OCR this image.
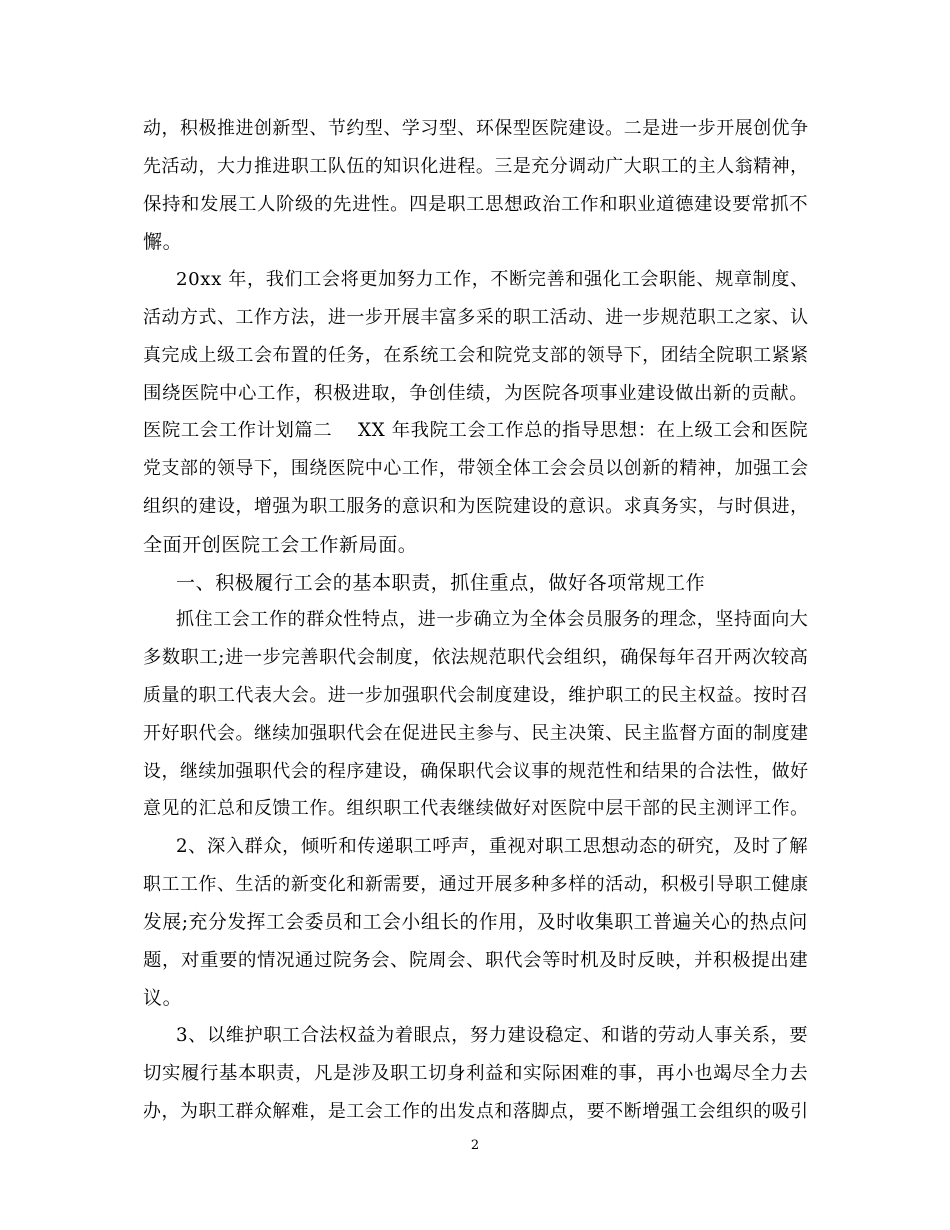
动，积极推进创新型、节约型、学习型、环保型医院建设。二是进一步开展创优争
先活动，大力推进职工队伍的知识化进程。三是充分调动广大职工的主人翁精神，
保持和发展工人阶级的先进性。四是职工思想政治工作和职业道德建设要常抓不
懈。
20xx 年，我们工会将更加努力工作，不断完善和强化工会职能、规章制度、
活动方式、工作方法，进一步开展丰富多采的职工活动、进一步规范职工之家、认
真完成上级工会布置的任务，在系统工会和院党支部的领导下，团结全院职工紧紧
围绕医院中心工作，积极进取，争创佳绩，为医院各项事业建设做出新的贡献。
医院工会工作计划篇二    XX 年我院工会工作总的指导思想：在上级工会和医院
党支部的领导下，围绕医院中心工作，带领全体工会会员以创新的精神，加强工会
组织的建设，增强为职工服务的意识和为医院建设的意识。求真务实，与时俱进，
全面开创医院工会工作新局面。
一、积极履行工会的基本职责，抓住重点，做好各项常规工作
抓住工会工作的群众性特点，进一步确立为全体会员服务的理念，坚持面向大
多数职工;进一步完善职代会制度，依法规范职代会组织，确保每年召开两次较高
质量的职工代表大会。进一步加强职代会制度建设，维护职工的民主权益。按时召
开好职代会。继续加强职代会在促进民主参与、民主决策、民主监督方面的制度建
设，继续加强职代会的程序建设，确保职代会议事的规范性和结果的合法性，做好
意见的汇总和反馈工作。组织职工代表继续做好对医院中层干部的民主测评工作。
2、深入群众，倾听和传递职工呼声，重视对职工思想动态的研究，及时了解
职工工作、生活的新变化和新需要，通过开展多种多样的活动，积极引导职工健康
发展;充分发挥工会委员和工会小组长的作用，及时收集职工普遍关心的热点问
题，对重要的情况通过院务会、院周会、职代会等时机及时反映，并积极提出建
议。
3、以维护职工合法权益为着眼点，努力建设稳定、和谐的劳动人事关系，要
切实履行基本职责，凡是涉及职工切身利益和实际困难的事，再小也竭尽全力去
办，为职工群众解难，是工会工作的出发点和落脚点，要不断增强工会组织的吸引
2
